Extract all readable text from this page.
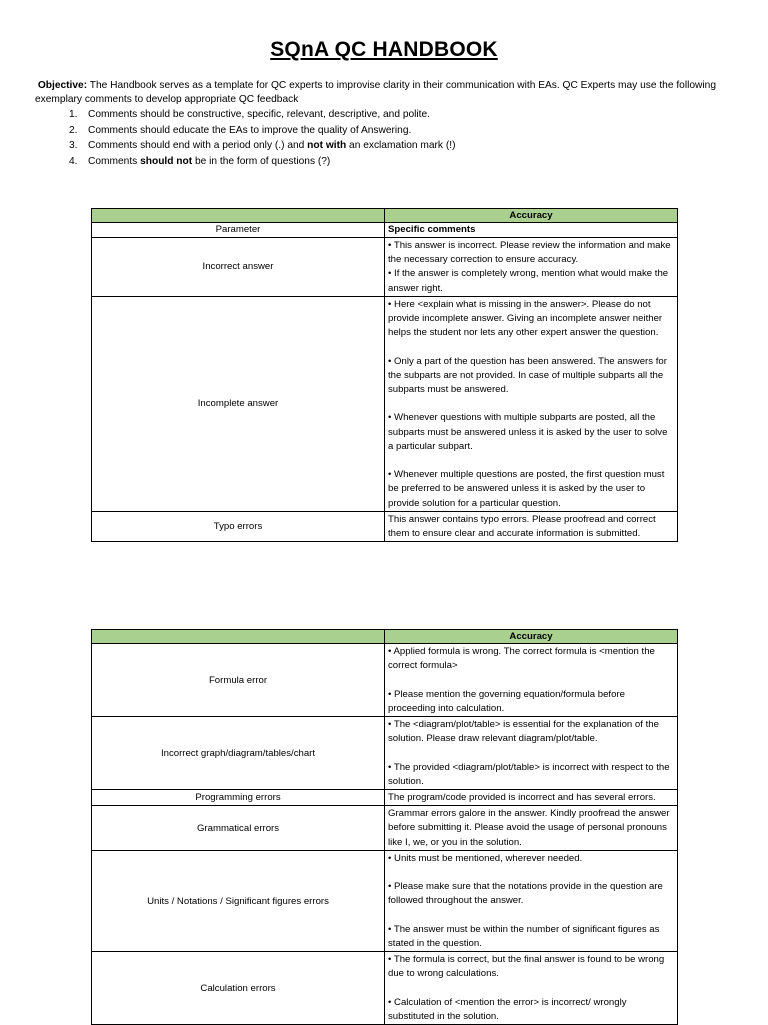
SQnA QC HANDBOOK
Objective: The Handbook serves as a template for QC experts to improvise clarity in their communication with EAs. QC Experts may use the following exemplary comments to develop appropriate QC feedback
1. Comments should be constructive, specific, relevant, descriptive, and polite.
2. Comments should educate the EAs to improve the quality of Answering.
3. Comments should end with a period only (.) and not with an exclamation mark (!)
4. Comments should not be in the form of questions (?)
	Accuracy
Parameter	Specific comments
Incorrect answer	• This answer is incorrect. Please review the information and make the necessary correction to ensure accuracy.
• If the answer is completely wrong, mention what would make the answer right.

Incomplete answer	• Here <explain what is missing in the answer>. Please do not provide incomplete answer. Giving an incomplete answer neither helps the student nor lets any other expert answer the question.
• Only a part of the question has been answered. The answers for the subparts are not provided. In case of multiple subparts all the subparts must be answered.
• Whenever questions with multiple subparts are posted, all the subparts must be answered unless it is asked by the user to solve a particular subpart.
• Whenever multiple questions are posted, the first question must be preferred to be answered unless it is asked by the user to provide solution for a particular question.

Typo errors	This answer contains typo errors. Please proofread and correct them to ensure clear and accurate information is submitted.
	Accuracy
Formula error	• Applied formula is wrong. The correct formula is <mention the correct formula>
• Please mention the governing equation/formula before proceeding into calculation.

Incorrect graph/diagram/tables/chart	• The <diagram/plot/table> is essential for the explanation of the solution. Please draw relevant diagram/plot/table.
• The provided <diagram/plot/table> is incorrect with respect to the solution.

Programming errors	The program/code provided is incorrect and has several errors.

Grammatical errors	Grammar errors galore in the answer. Kindly proofread the answer before submitting it. Please avoid the usage of personal pronouns like I, we, or you in the solution.

Units / Notations / Significant figures errors	• Units must be mentioned, wherever needed.
• Please make sure that the notations provide in the question are followed throughout the answer.
• The answer must be within the number of significant figures as stated in the question.

Calculation errors	• The formula is correct, but the final answer is found to be wrong due to wrong calculations.
• Calculation of <mention the error> is incorrect/ wrongly substituted in the solution.
